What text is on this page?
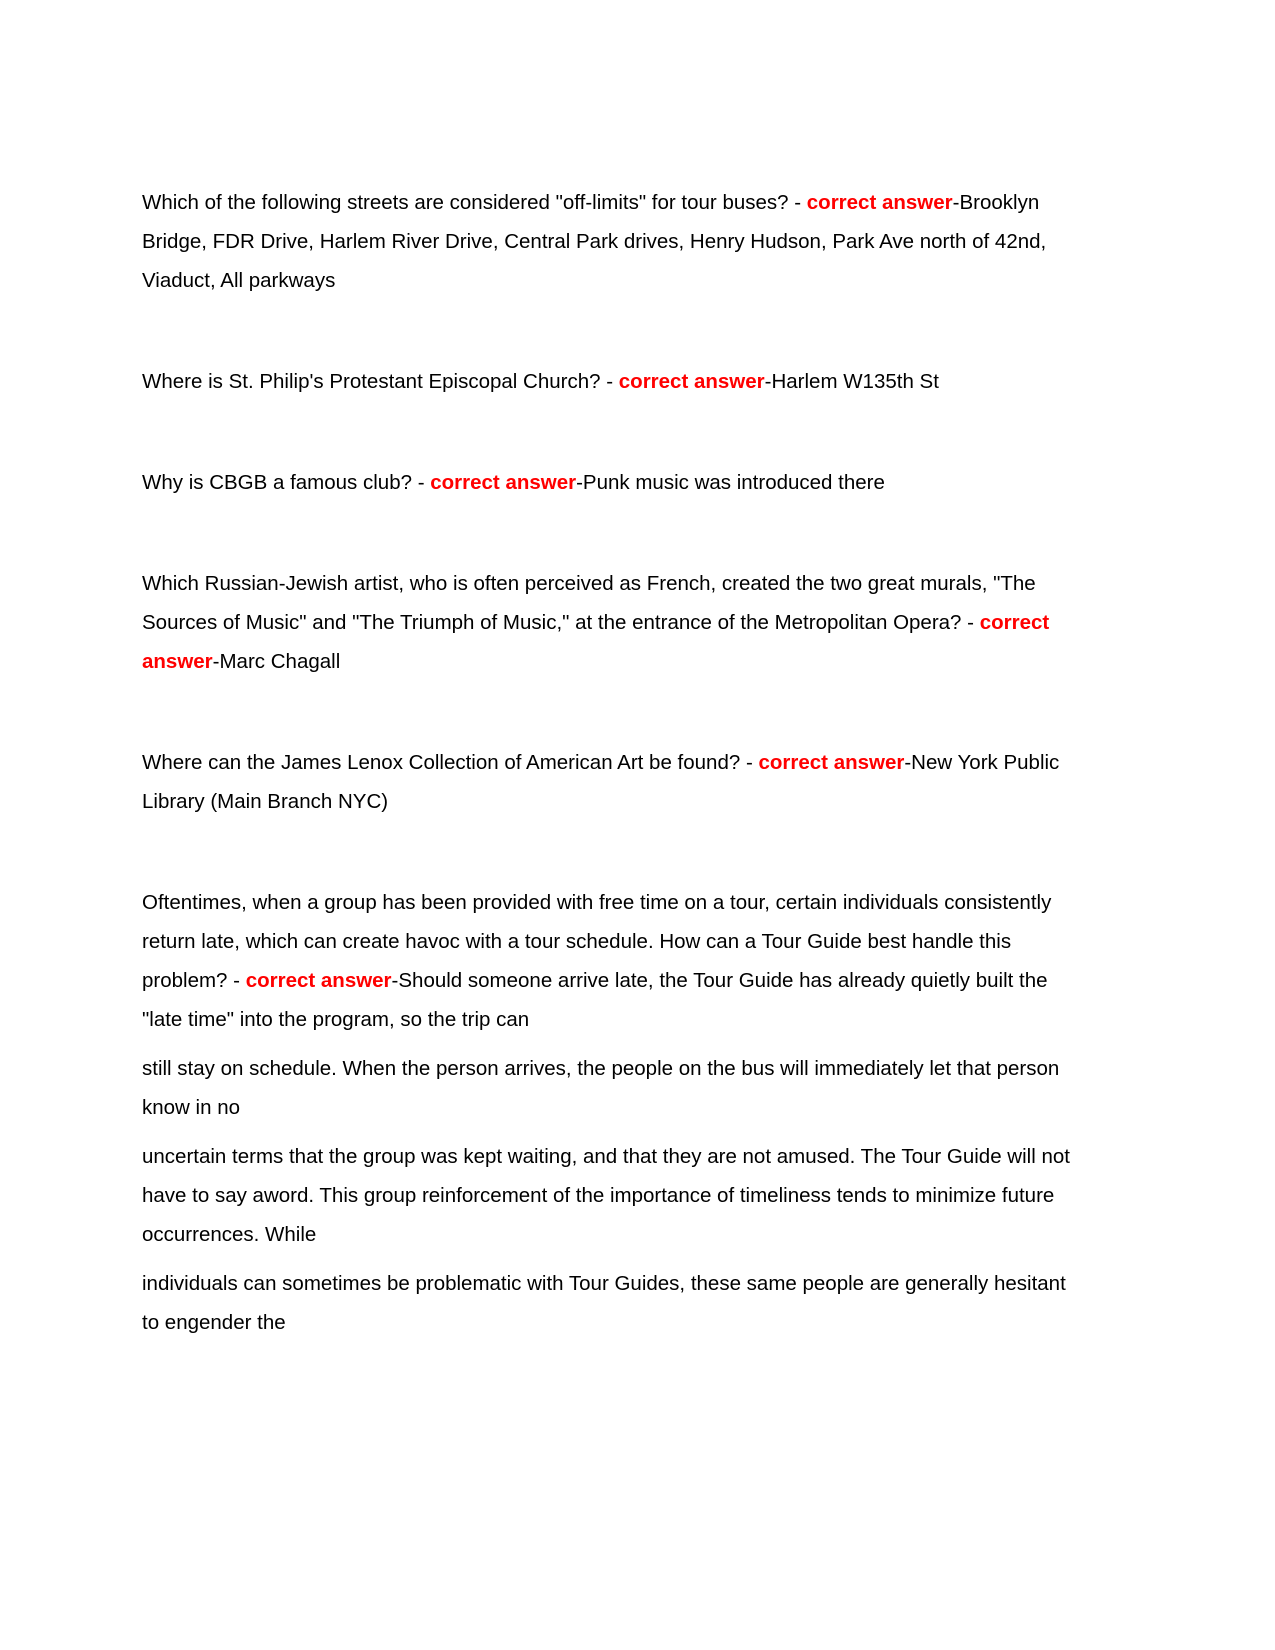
Which of the following streets are considered "off-limits" for tour buses? - correct answer-Brooklyn Bridge, FDR Drive, Harlem River Drive, Central Park drives, Henry Hudson, Park Ave north of 42nd, Viaduct, All parkways

Where is St. Philip's Protestant Episcopal Church? - correct answer-Harlem W135th St

Why is CBGB a famous club? - correct answer-Punk music was introduced there

Which Russian-Jewish artist, who is often perceived as French, created the two great murals, "The Sources of Music" and "The Triumph of Music," at the entrance of the Metropolitan Opera? - correct answer-Marc Chagall

Where can the James Lenox Collection of American Art be found? - correct answer-New York Public Library (Main Branch NYC)

Oftentimes, when a group has been provided with free time on a tour, certain individuals consistently return late, which can create havoc with a tour schedule. How can a Tour Guide best handle this problem? - correct answer-Should someone arrive late, the Tour Guide has already quietly built the "late time" into the program, so the trip can

still stay on schedule. When the person arrives, the people on the bus will immediately let that person know in no

uncertain terms that the group was kept waiting, and that they are not amused. The Tour Guide will not have to say aword. This group reinforcement of the importance of timeliness tends to minimize future occurrences. While

individuals can sometimes be problematic with Tour Guides, these same people are generally hesitant to engender the
